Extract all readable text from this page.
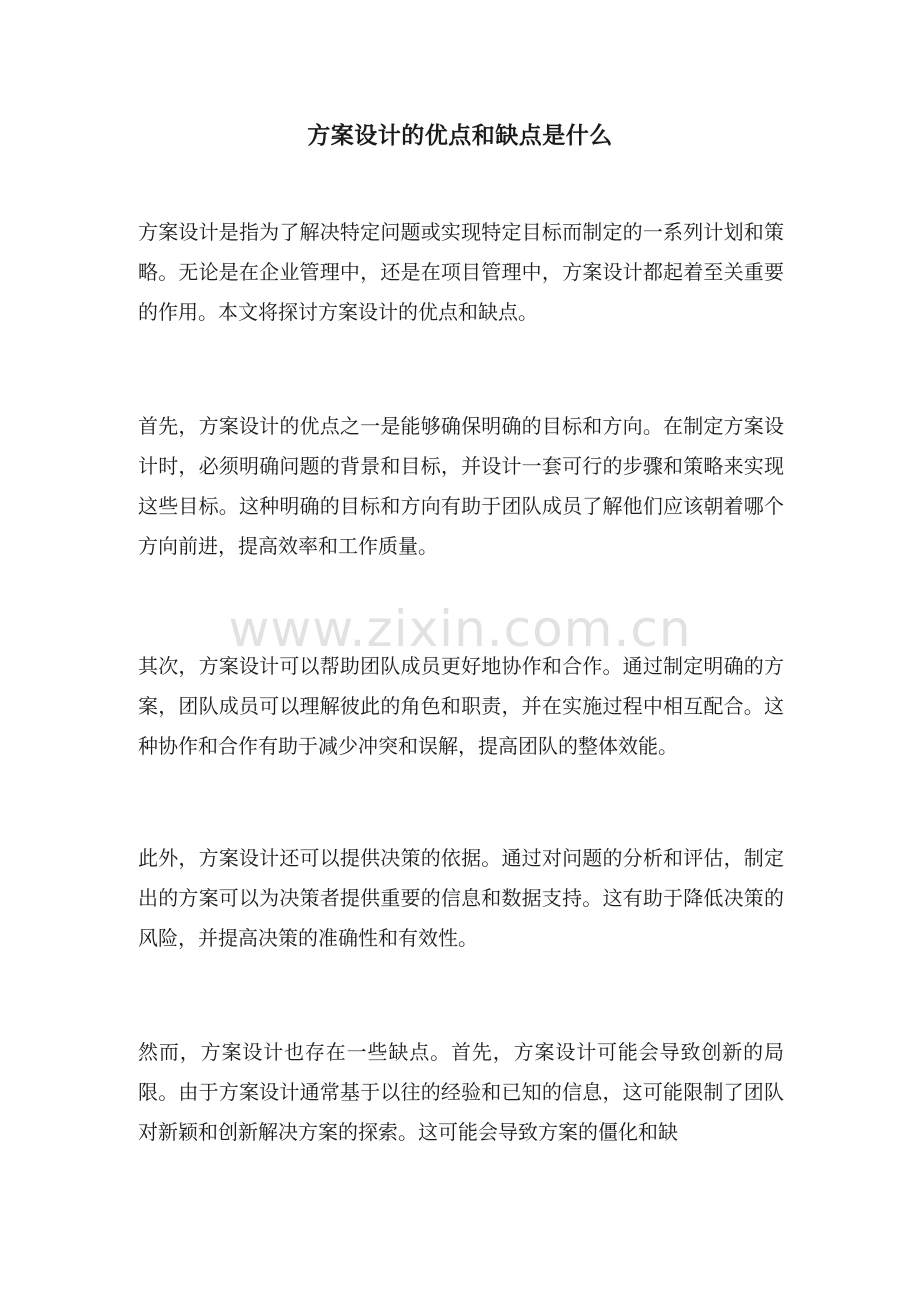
方案设计的优点和缺点是什么

方案设计是指为了解决特定问题或实现特定目标而制定的一系列计划和策略。无论是在企业管理中，还是在项目管理中，方案设计都起着至关重要的作用。本文将探讨方案设计的优点和缺点。

首先，方案设计的优点之一是能够确保明确的目标和方向。在制定方案设计时，必须明确问题的背景和目标，并设计一套可行的步骤和策略来实现这些目标。这种明确的目标和方向有助于团队成员了解他们应该朝着哪个方向前进，提高效率和工作质量。

其次，方案设计可以帮助团队成员更好地协作和合作。通过制定明确的方案，团队成员可以理解彼此的角色和职责，并在实施过程中相互配合。这种协作和合作有助于减少冲突和误解，提高团队的整体效能。

此外，方案设计还可以提供决策的依据。通过对问题的分析和评估，制定出的方案可以为决策者提供重要的信息和数据支持。这有助于降低决策的风险，并提高决策的准确性和有效性。

然而，方案设计也存在一些缺点。首先，方案设计可能会导致创新的局限。由于方案设计通常基于以往的经验和已知的信息，这可能限制了团队对新颖和创新解决方案的探索。这可能会导致方案的僵化和缺

www.zixin.com.cn
